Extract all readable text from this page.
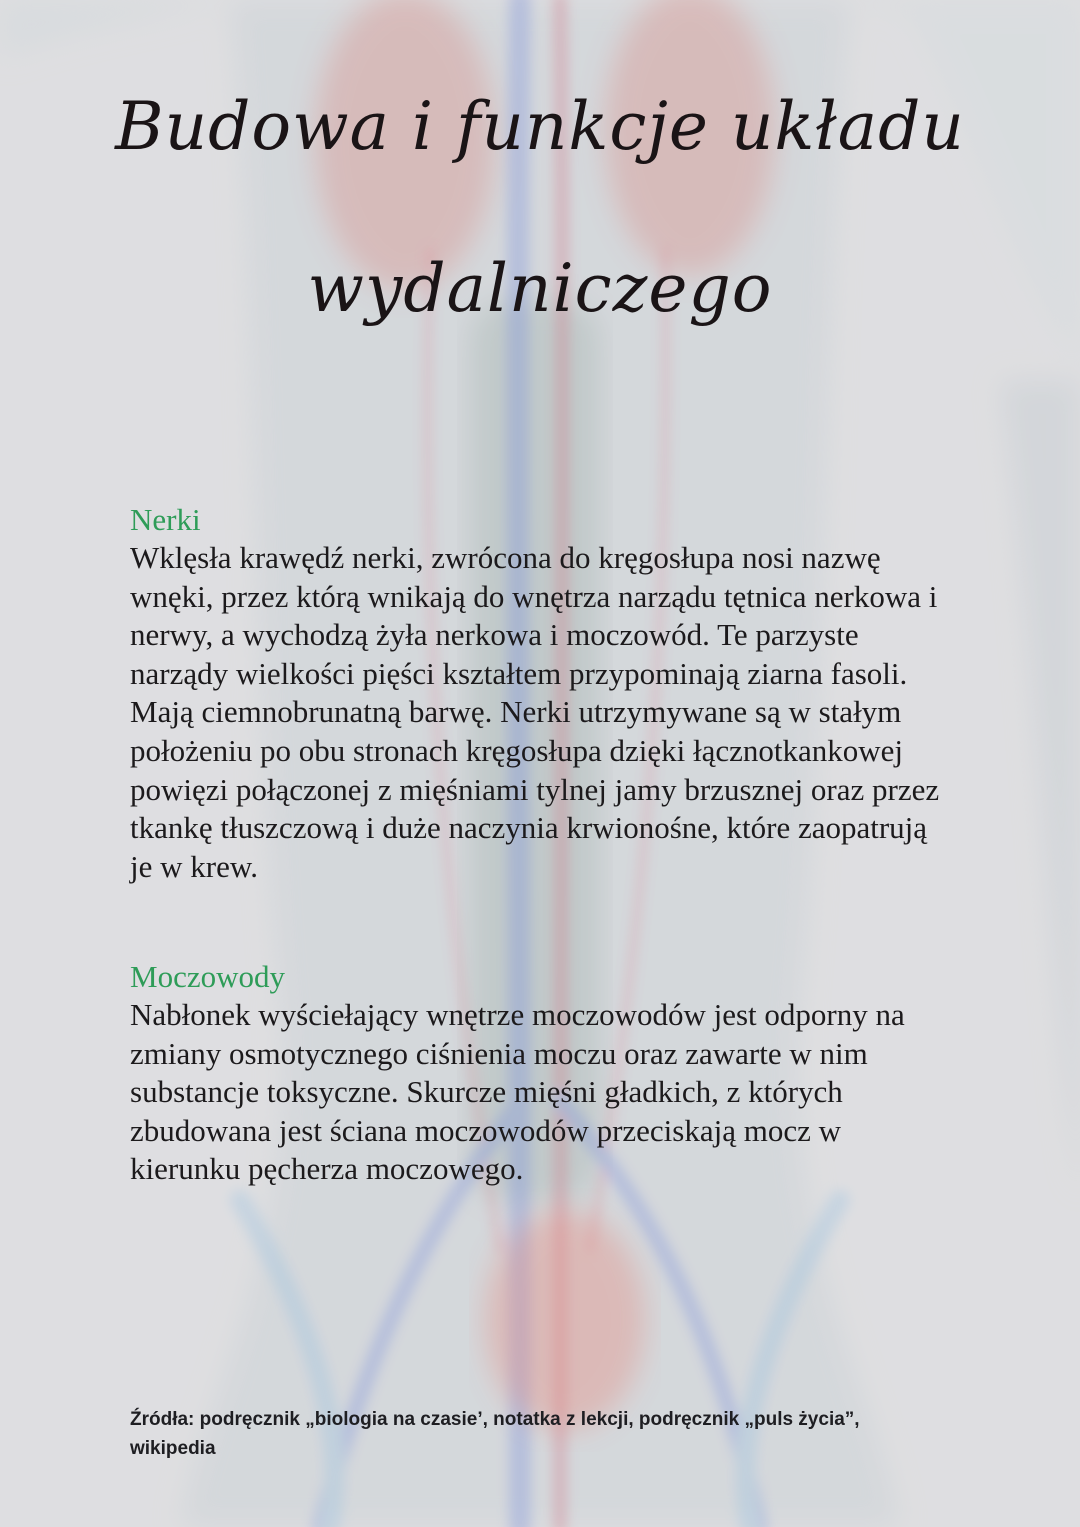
Budowa i funkcje układu
wydalniczego

Nerki

Wklęsła krawędź nerki, zwrócona do kręgosłupa nosi nazwę wnęki, przez którą wnikają do wnętrza narządu tętnica nerkowa i nerwy, a wychodzą żyła nerkowa i moczowód. Te parzyste narządy wielkości pięści kształtem przypominają ziarna fasoli. Mają ciemnobrunatną barwę. Nerki utrzymywane są w stałym położeniu po obu stronach kręgosłupa dzięki łącznotkankowej powięzi połączonej z mięśniami tylnej jamy brzusznej oraz przez tkankę tłuszczową i duże naczynia krwionośne, które zaopatrują je w krew.

Moczowody

Nabłonek wyściełający wnętrze moczowodów jest odporny na zmiany osmotycznego ciśnienia moczu oraz zawarte w nim substancje toksyczne. Skurcze mięśni gładkich, z których zbudowana jest ściana moczowodów przeciskają mocz w kierunku pęcherza moczowego.

Źródła: podręcznik „biologia na czasie’, notatka z lekcji, podręcznik „puls życia”, wikipedia
